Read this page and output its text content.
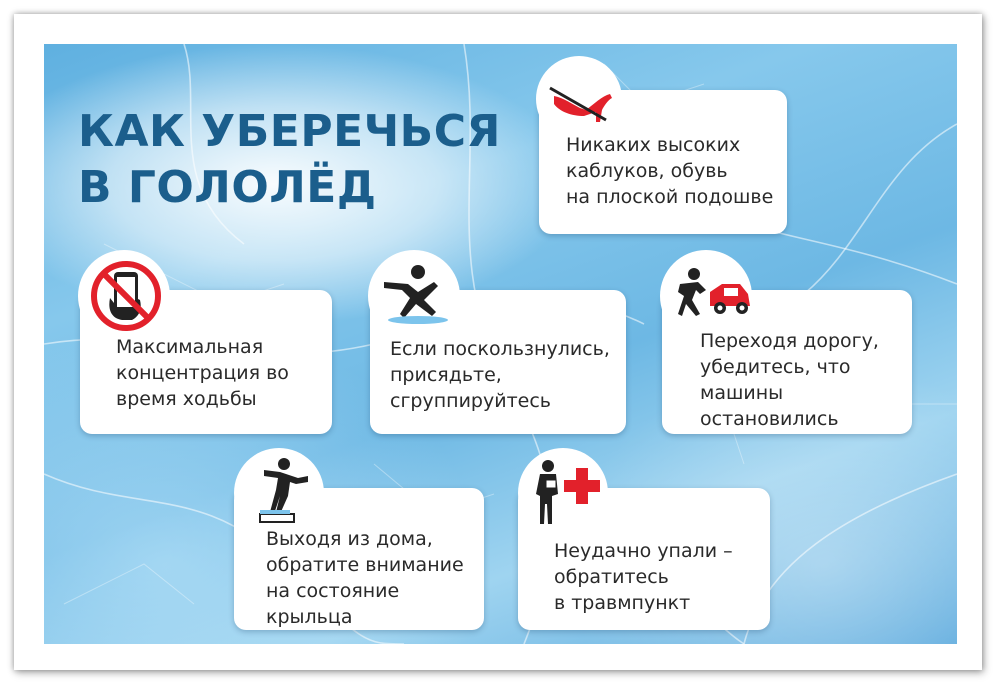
КАК УБЕРЕЧЬСЯ
В ГОЛОЛЁД
Никаких высоких
каблуков, обувь
на плоской подошве
Максимальная
концентрация во
время ходьбы
Если поскользнулись,
присядьте,
сгруппируйтесь
Переходя дорогу,
убедитесь, что
машины
остановились
Выходя из дома,
обратите внимание
на состояние
крыльца
Неудачно упали –
обратитесь
в травмпункт
